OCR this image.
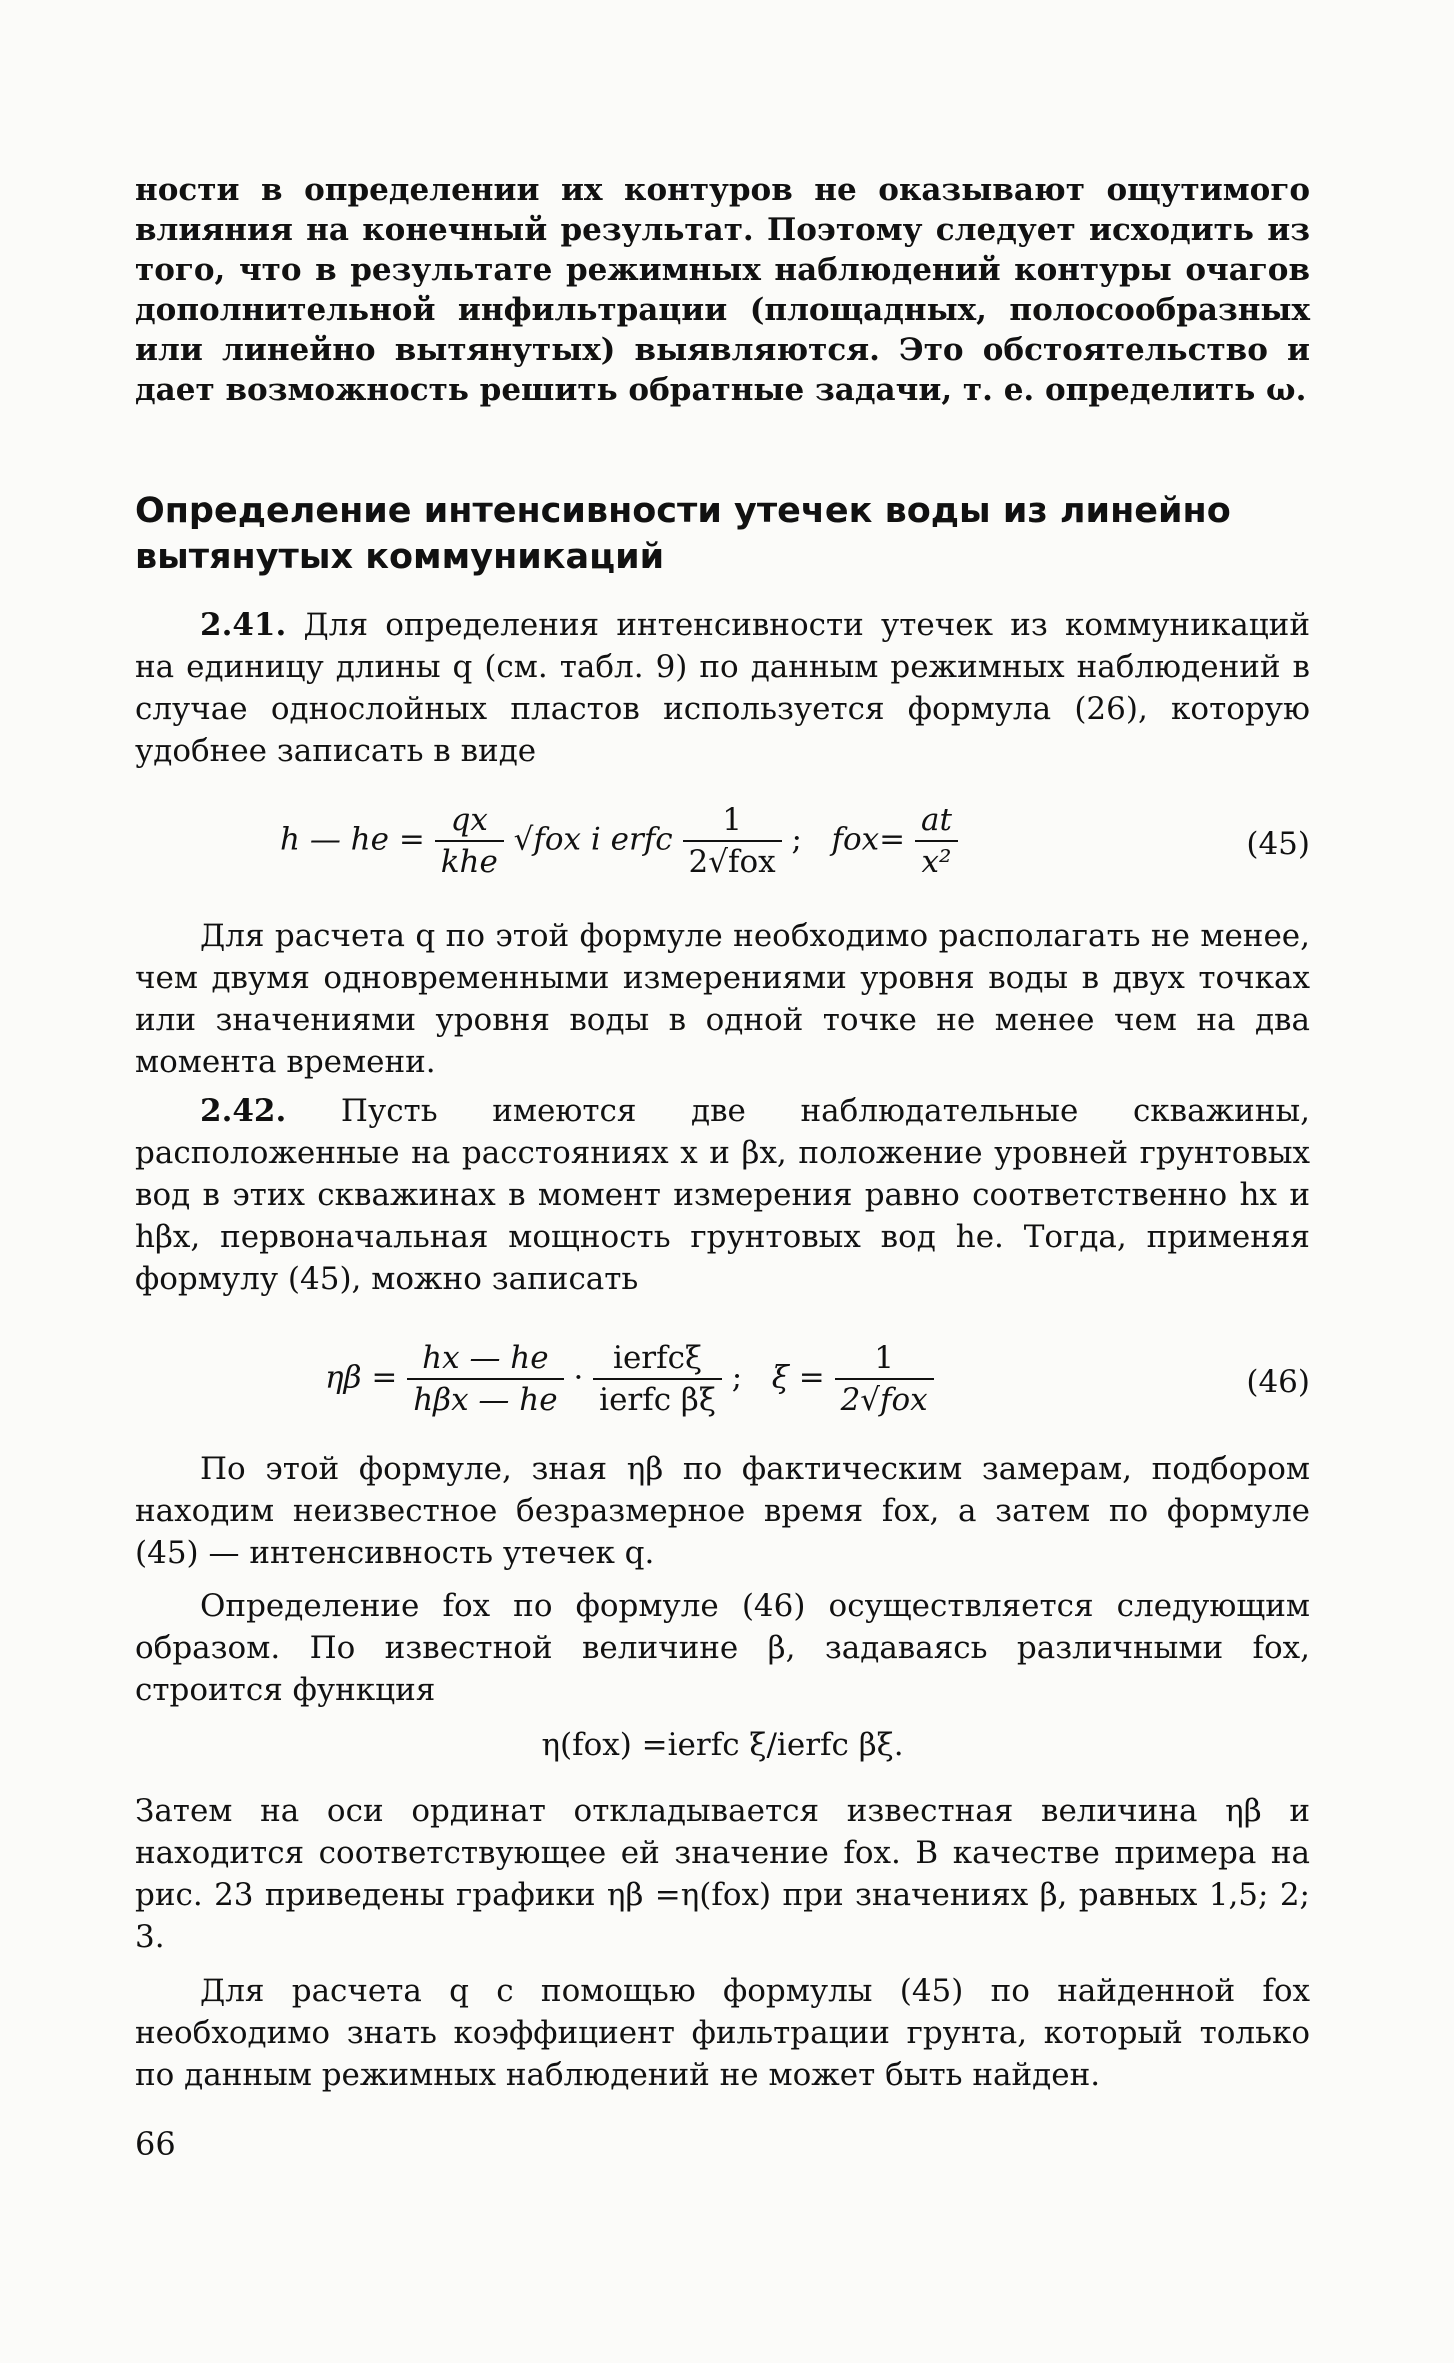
ности в определении их контуров не оказывают ощутимого влияния на конечный результат. Поэтому следует исходить из того, что в результате режимных наблюдений контуры очагов дополнительной инфильтрации (площадных, полосообразных или линейно вытянутых) выявляются. Это обстоятельство и дает возможность решить обратные задачи, т. е. определить ω.
Определение интенсивности утечек воды из линейно вытянутых коммуникаций
2.41. Для определения интенсивности утечек из коммуникаций на единицу длины q (см. табл. 9) по данным режимных наблюдений в случае однослойных пластов используется формула (26), которую удобнее записать в виде
h — he = $\frac{qx}{\text{khe}} √fox$ i erfc $\frac{1}{\text{2√fox}}$ ; $fox= \frac{at}{\text{x²}}$	(45)
Для расчета q по этой формуле необходимо располагать не менее, чем двумя одновременными измерениями уровня воды в двух точках или значениями уровня воды в одной точке не менее чем на два момента времени.
2.42. Пусть имеются две наблюдательные скважины, расположенные на расстояниях x и βx, положение уровней грунтовых вод в этих скважинах в момент измерения равно соответственно hx и hβx, первоначальная мощность грунтовых вод he. Тогда, применяя формулу (45), можно записать
$\eta\beta = \frac{hx — he}{\text{hβx — he}} \cdot \frac{\text{ierfcξ}}{\text{ierfc βξ}}$ ; $\xi = \frac{1}{\text{2√fox}}$	(46)
По этой формуле, зная ηβ по фактическим замерам, подбором находим неизвестное безразмерное время fox, а затем по формуле (45) — интенсивность утечек q.
Определение fox по формуле (46) осуществляется следующим образом. По известной величине β, задаваясь различными fox, строится функция
η(fox) =ierfc ξ/ierfc βξ.
Затем на оси ординат откладывается известная величина ηβ и находится соответствующее ей значение fox. В качестве примера на рис. 23 приведены графики ηβ =η(fox) при значениях β, равных 1,5; 2; 3.
Для расчета q с помощью формулы (45) по найденной fox необходимо знать коэффициент фильтрации грунта, который только по данным режимных наблюдений не может быть найден.
66
